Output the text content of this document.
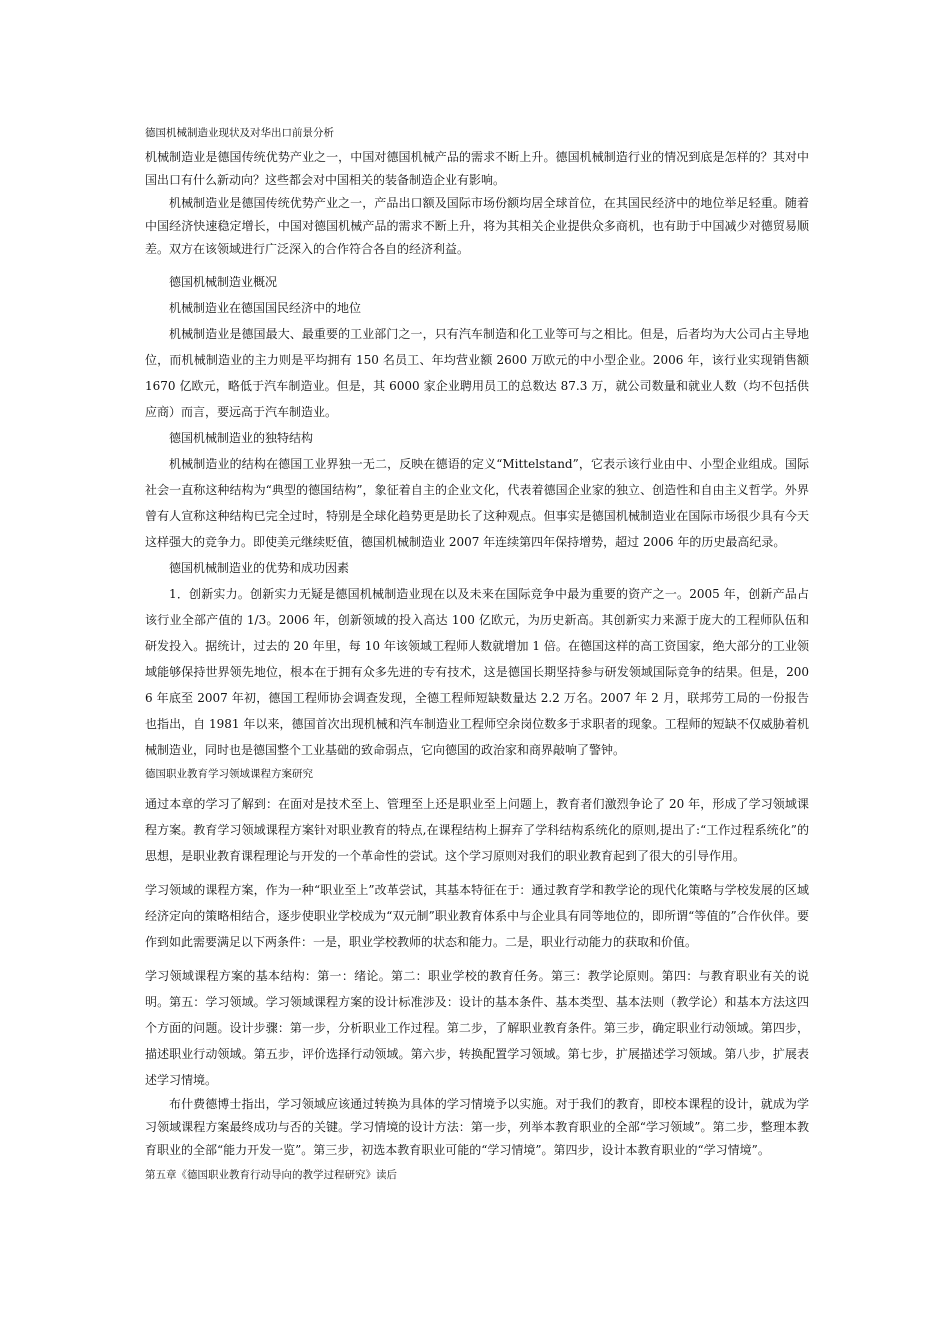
德国机械制造业现状及对华出口前景分析

机械制造业是德国传统优势产业之一，中国对德国机械产品的需求不断上升。德国机械制造行业的情况到底是怎样的？其对中国出口有什么新动向？这些都会对中国相关的装备制造企业有影响。

机械制造业是德国传统优势产业之一，产品出口额及国际市场份额均居全球首位，在其国民经济中的地位举足轻重。随着中国经济快速稳定增长，中国对德国机械产品的需求不断上升，将为其相关企业提供众多商机，也有助于中国减少对德贸易顺差。双方在该领域进行广泛深入的合作符合各自的经济利益。

德国机械制造业概况
机械制造业在德国国民经济中的地位

机械制造业是德国最大、最重要的工业部门之一，只有汽车制造和化工业等可与之相比。但是，后者均为大公司占主导地位，而机械制造业的主力则是平均拥有 150 名员工、年均营业额 2600 万欧元的中小型企业。2006 年，该行业实现销售额 1670 亿欧元，略低于汽车制造业。但是，其 6000 家企业聘用员工的总数达 87.3 万，就公司数量和就业人数（均不包括供应商）而言，要远高于汽车制造业。

德国机械制造业的独特结构

机械制造业的结构在德国工业界独一无二，反映在德语的定义“Mittelstand”，它表示该行业由中、小型企业组成。国际社会一直称这种结构为“典型的德国结构”，象征着自主的企业文化，代表着德国企业家的独立、创造性和自由主义哲学。外界曾有人宣称这种结构已完全过时，特别是全球化趋势更是助长了这种观点。但事实是德国机械制造业在国际市场很少具有今天这样强大的竞争力。即使美元继续贬值，德国机械制造业 2007 年连续第四年保持增势，超过 2006 年的历史最高纪录。

德国机械制造业的优势和成功因素

1．创新实力。创新实力无疑是德国机械制造业现在以及未来在国际竞争中最为重要的资产之一。2005 年，创新产品占该行业全部产值的 1/3。2006 年，创新领域的投入高达 100 亿欧元，为历史新高。其创新实力来源于庞大的工程师队伍和研发投入。据统计，过去的 20 年里，每 10 年该领域工程师人数就增加 1 倍。在德国这样的高工资国家，绝大部分的工业领域能够保持世界领先地位，根本在于拥有众多先进的专有技术，这是德国长期坚持参与研发领域国际竞争的结果。但是，2006 年底至 2007 年初，德国工程师协会调查发现，全德工程师短缺数量达 2.2 万名。2007 年 2 月，联邦劳工局的一份报告也指出，自 1981 年以来，德国首次出现机械和汽车制造业工程师空余岗位数多于求职者的现象。工程师的短缺不仅威胁着机械制造业，同时也是德国整个工业基础的致命弱点，它向德国的政治家和商界敲响了警钟。

德国职业教育学习领域课程方案研究

通过本章的学习了解到：在面对是技术至上、管理至上还是职业至上问题上，教育者们激烈争论了 20 年，形成了学习领域课程方案。教育学习领域课程方案针对职业教育的特点,在课程结构上摒弃了学科结构系统化的原则,提出了:“工作过程系统化”的思想，是职业教育课程理论与开发的一个革命性的尝试。这个学习原则对我们的职业教育起到了很大的引导作用。

学习领域的课程方案，作为一种“职业至上”改革尝试，其基本特征在于：通过教育学和教学论的现代化策略与学校发展的区域经济定向的策略相结合，逐步使职业学校成为“双元制”职业教育体系中与企业具有同等地位的，即所谓“等值的”合作伙伴。要作到如此需要满足以下两条件：一是，职业学校教师的状态和能力。二是，职业行动能力的获取和价值。

学习领域课程方案的基本结构：第一：绪论。第二：职业学校的教育任务。第三：教学论原则。第四：与教育职业有关的说明。第五：学习领域。学习领域课程方案的设计标准涉及：设计的基本条件、基本类型、基本法则（教学论）和基本方法这四个方面的问题。设计步骤：第一步，分析职业工作过程。第二步，了解职业教育条件。第三步，确定职业行动领域。第四步，描述职业行动领域。第五步，评价选择行动领域。第六步，转换配置学习领域。第七步，扩展描述学习领域。第八步，扩展表述学习情境。

布什费德博士指出，学习领域应该通过转换为具体的学习情境予以实施。对于我们的教育，即校本课程的设计，就成为学习领域课程方案最终成功与否的关键。学习情境的设计方法：第一步，列举本教育职业的全部“学习领域”。第二步，整理本教育职业的全部“能力开发一览”。第三步，初选本教育职业可能的“学习情境”。第四步，设计本教育职业的“学习情境”。

第五章《德国职业教育行动导向的教学过程研究》读后
